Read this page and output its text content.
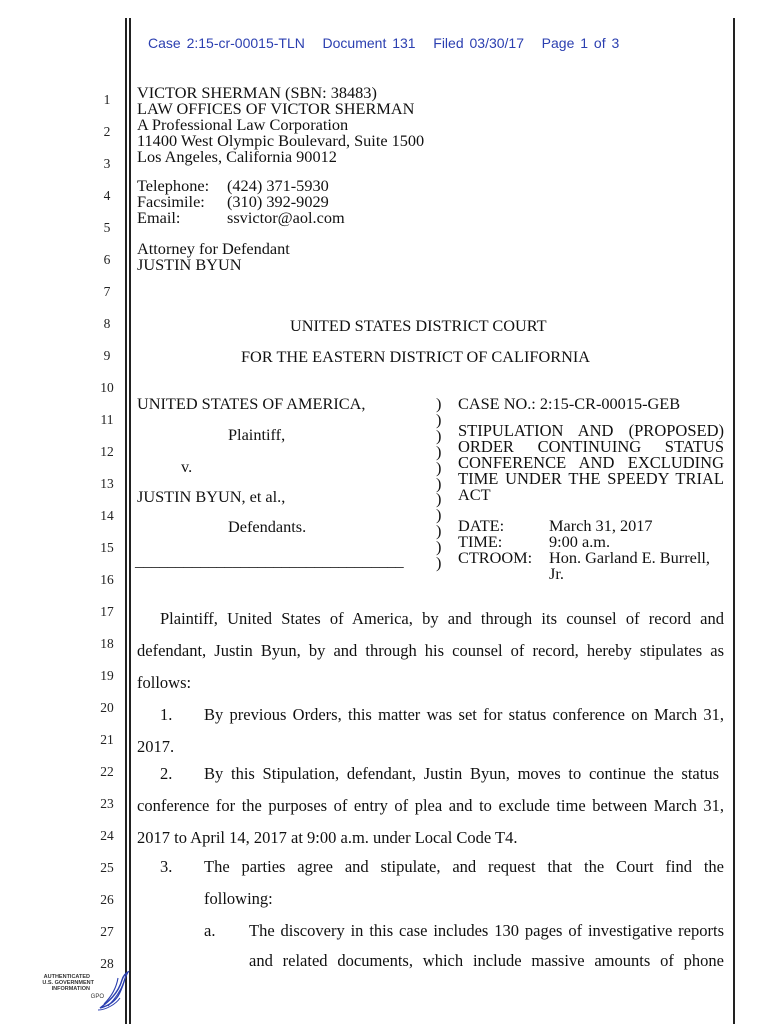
Case 2:15-cr-00015-TLN Document 131 Filed 03/30/17 Page 1 of 3
1
2
3
4
5
6
7
8
9
10
11
12
13
14
15
16
17
18
19
20
21
22
23
24
25
26
27
28
VICTOR SHERMAN (SBN: 38483)
LAW OFFICES OF VICTOR SHERMAN
A Professional Law Corporation
11400 West Olympic Boulevard, Suite 1500
Los Angeles, California 90012
Telephone: (424) 371-5930
Facsimile: (310) 392-9029
Email:	ssvictor@aol.com
Attorney for Defendant
JUSTIN BYUN
UNITED STATES DISTRICT COURT
FOR THE EASTERN DISTRICT OF CALIFORNIA
UNITED STATES OF AMERICA,
Plaintiff,
v.
JUSTIN BYUN, et al.,
Defendants.
_________________________________
)
)
)
)
)
)
)
)
)
)
)
CASE NO.: 2:15-CR-00015-GEB
STIPULATION AND (PROPOSED)
ORDER CONTINUING STATUS
CONFERENCE AND EXCLUDING
TIME UNDER THE SPEEDY TRIAL
ACT
DATE:	March 31, 2017
TIME:	9:00 a.m.
CTROOM: Hon. Garland E. Burrell,
Jr.
Plaintiff, United States of America, by and through its counsel of record and
defendant, Justin Byun, by and through his counsel of record, hereby stipulates as
follows:
1. By previous Orders, this matter was set for status conference on March 31,
2017.
2. By this Stipulation, defendant, Justin Byun, moves to continue the status
conference for the purposes of entry of plea and to exclude time between March 31,
2017 to April 14, 2017 at 9:00 a.m. under Local Code T4.
3. The parties agree and stipulate, and request that the Court find the
following:
a. The discovery in this case includes 130 pages of investigative reports
and related documents, which include massive amounts of phone
AUTHENTICATED
U.S. GOVERNMENT
INFORMATION
GPO
